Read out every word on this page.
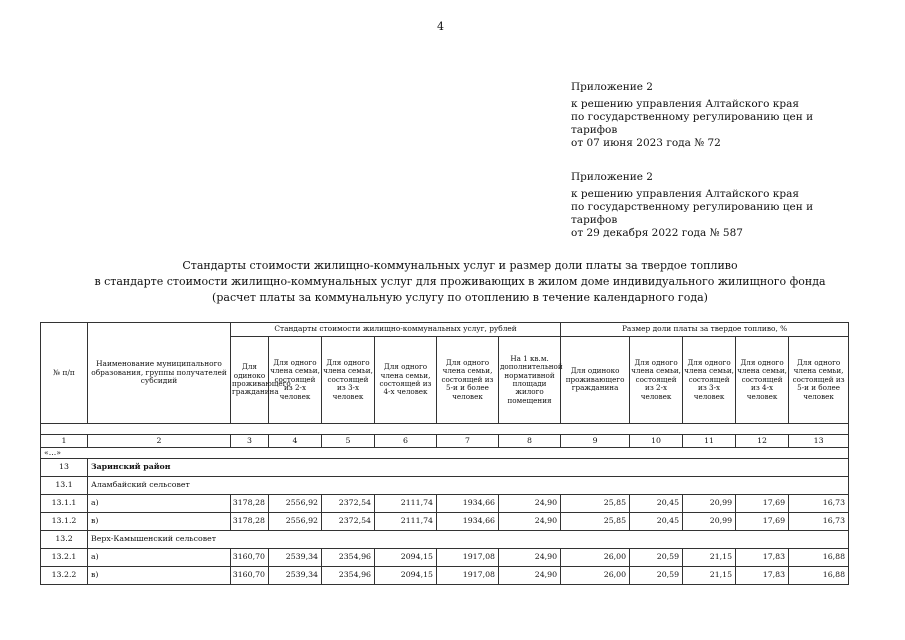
4
Приложение 2
к решению управления Алтайского края
по государственному регулированию цен и
тарифов
от 07 июня 2023 года № 72
Приложение 2
к решению управления Алтайского края
по государственному регулированию цен и
тарифов
от 29 декабря 2022 года № 587
Стандарты стоимости жилищно-коммунальных услуг и размер доли платы за твердое топливо
в стандарте стоимости жилищно-коммунальных услуг для проживающих в жилом доме индивидуального жилищного фонда
(расчет платы за коммунальную услугу по отоплению в течение календарного года)
№ п/п	Наименование муниципального образования, группы получателей субсидий	Стандарты стоимости жилищно-коммунальных услуг, рублей						Размер доли платы за твердое топливо, %				
		Для одиноко проживающего гражданина	Для одного члена семьи, состоящей из 2-х человек	Для одного члена семьи, состоящей из 3-х человек	Для одного члена семьи, состоящей из 4-х человек	Для одного члена семьи, состоящей из 5-и и более человек	На 1 кв.м. дополнительной нормативной площади жилого помещения	Для одиноко проживающего гражданина	Для одного члена семьи, состоящей из 2-х человек	Для одного члена семьи, состоящей из 3-х человек	Для одного члена семьи, состоящей из 4-х человек	Для одного члена семьи, состоящей из 5-и и более человек

1	2	3	4	5	6	7	8	9	10	11	12	13
«...»												
13	Заринский район											
13.1	Аламбайский сельсовет											
13.1.1	а)	3178,28	2556,92	2372,54	2111,74	1934,66	24,90	25,85	20,45	20,99	17,69	16,73
13.1.2	в)	3178,28	2556,92	2372,54	2111,74	1934,66	24,90	25,85	20,45	20,99	17,69	16,73
13.2	Верх-Камышенский сельсовет											
13.2.1	а)	3160,70	2539,34	2354,96	2094,15	1917,08	24,90	26,00	20,59	21,15	17,83	16,88
13.2.2	в)	3160,70	2539,34	2354,96	2094,15	1917,08	24,90	26,00	20,59	21,15	17,83	16,88
